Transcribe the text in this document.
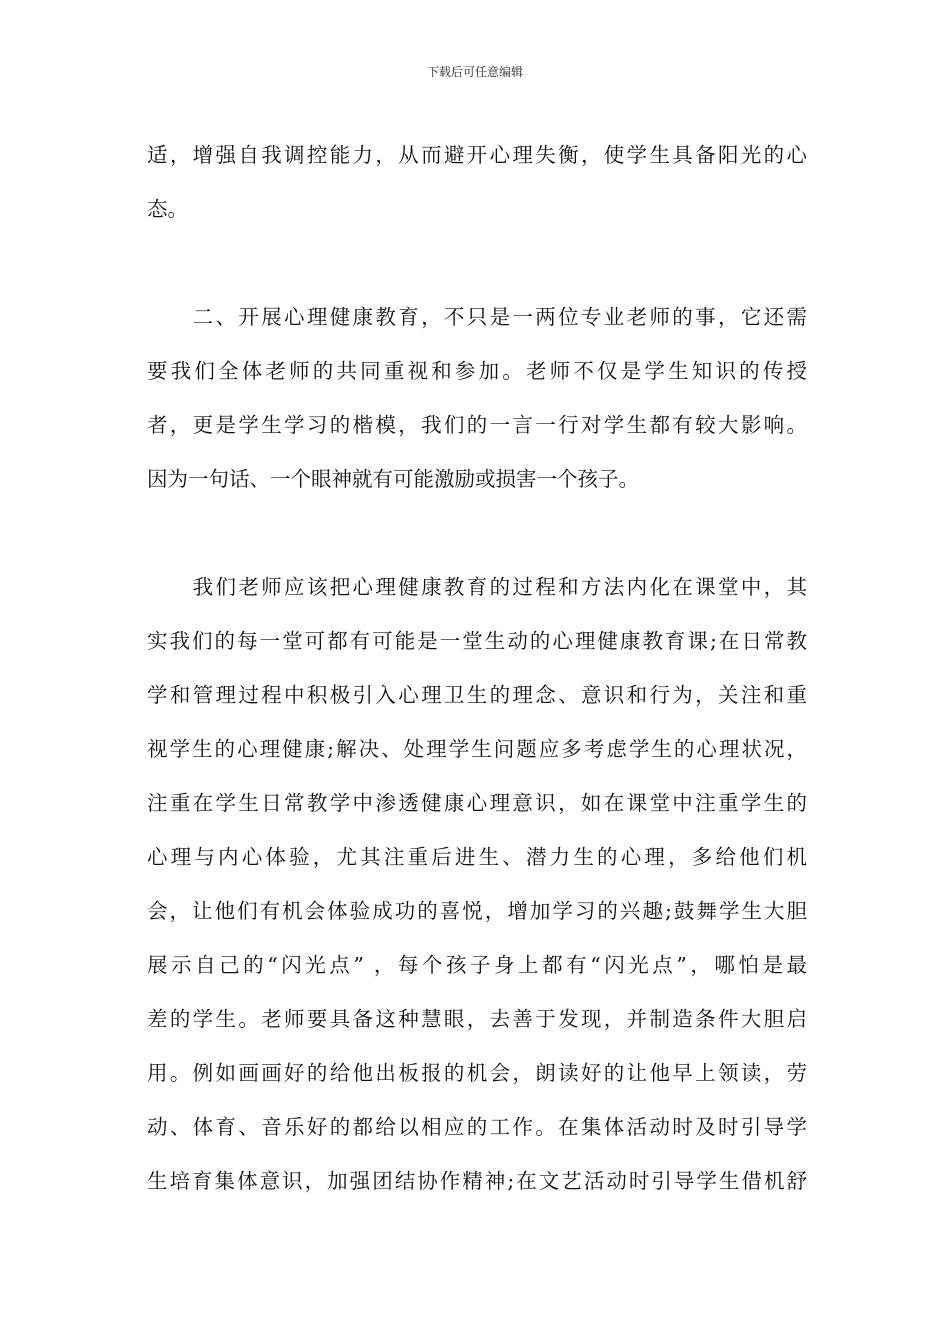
下载后可任意编辑
适，增强自我调控能力，从而避开心理失衡，使学生具备阳光的心
态。
　　二、开展心理健康教育，不只是一两位专业老师的事，它还需
要我们全体老师的共同重视和参加。老师不仅是学生知识的传授
者，更是学生学习的楷模，我们的一言一行对学生都有较大影响。
因为一句话、一个眼神就有可能激励或损害一个孩子。
　　我们老师应该把心理健康教育的过程和方法内化在课堂中，其
实我们的每一堂可都有可能是一堂生动的心理健康教育课;在日常教
学和管理过程中积极引入心理卫生的理念、意识和行为，关注和重
视学生的心理健康;解决、处理学生问题应多考虑学生的心理状况，
注重在学生日常教学中渗透健康心理意识，如在课堂中注重学生的
心理与内心体验，尤其注重后进生、潜力生的心理，多给他们机
会，让他们有机会体验成功的喜悦，增加学习的兴趣;鼓舞学生大胆
展示自己的“闪光点” ，每个孩子身上都有“闪光点”，哪怕是最
差的学生。老师要具备这种慧眼，去善于发现，并制造条件大胆启
用。例如画画好的给他出板报的机会，朗读好的让他早上领读，劳
动、体育、音乐好的都给以相应的工作。在集体活动时及时引导学
生培育集体意识，加强团结协作精神;在文艺活动时引导学生借机舒
